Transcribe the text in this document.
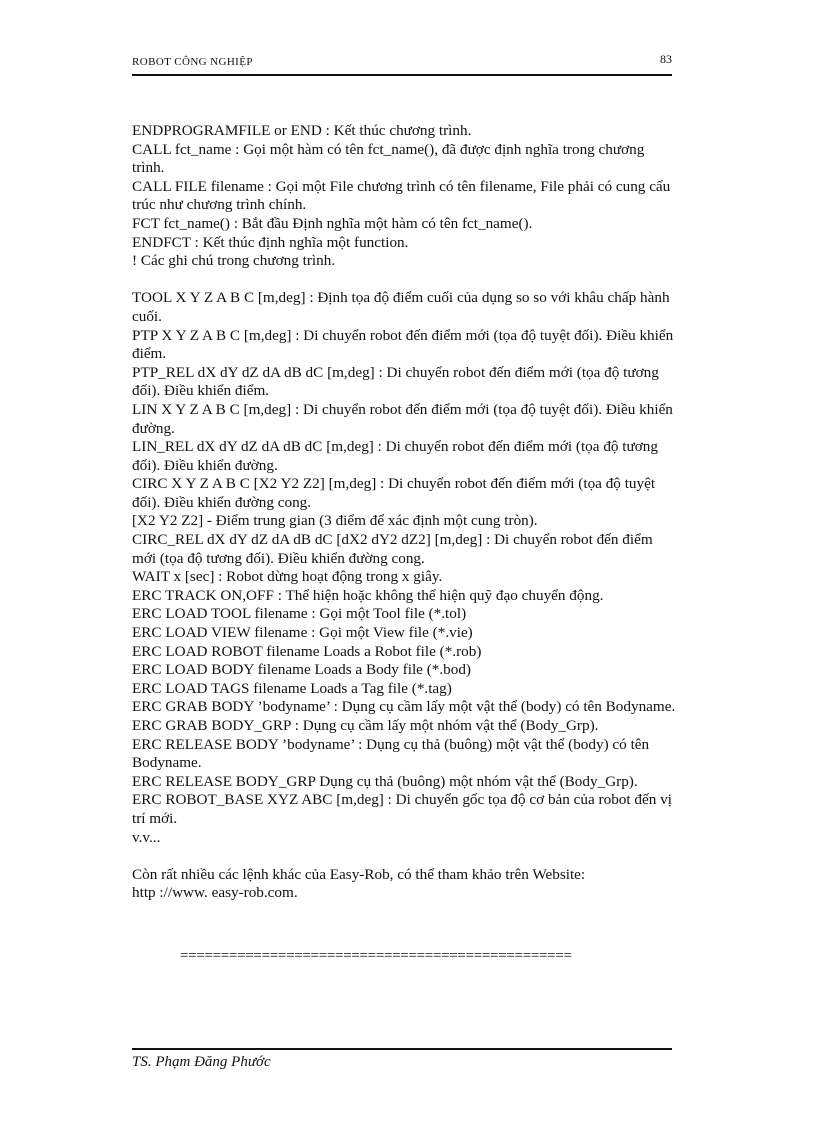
ROBOT CÔNG NGHIỆP	83
ENDPROGRAMFILE or END : Kết thúc chương trình.
CALL fct_name : Gọi một hàm có tên fct_name(), đã được định nghĩa trong chương trình.
CALL FILE filename : Gọi một File chương trình có tên filename, File phải có cung cấu trúc như chương trình chính.
FCT fct_name() : Bắt đầu Định nghĩa một hàm có tên fct_name().
ENDFCT : Kết thúc định nghĩa một function.
! Các ghi chú trong chương trình.
TOOL X Y Z A B C [m,deg] : Định tọa độ điểm cuối của dụng so so với khâu chấp hành cuối.
PTP X Y Z A B C [m,deg] : Di chuyển robot đến điểm mới (tọa độ tuyệt đối). Điều khiển điểm.
PTP_REL dX dY dZ dA dB dC [m,deg] : Di chuyển robot đến điểm mới (tọa độ tương đối). Điều khiển điểm.
LIN X Y Z A B C [m,deg] : Di chuyển robot đến điểm mới (tọa độ tuyệt đối). Điều khiển đường.
LIN_REL dX dY dZ dA dB dC [m,deg] : Di chuyển robot đến điểm mới (tọa độ tương đối). Điều khiển đường.
CIRC X Y Z A B C [X2 Y2 Z2] [m,deg] : Di chuyển robot đến điểm mới (tọa độ tuyệt đối). Điều khiển đường cong.
[X2 Y2 Z2] - Điểm trung gian (3 điểm để xác định một cung tròn).
CIRC_REL dX dY dZ dA dB dC [dX2 dY2 dZ2] [m,deg] : Di chuyển robot đến điểm mới (tọa độ tương đối). Điều khiển đường cong.
WAIT x [sec] : Robot dừng hoạt động trong x giây.
ERC TRACK ON,OFF : Thể hiện hoặc không thể hiện quỹ đạo chuyển động.
ERC LOAD TOOL filename : Gọi một Tool file (*.tol)
ERC LOAD VIEW filename : Gọi một View file (*.vie)
ERC LOAD ROBOT filename Loads a Robot file (*.rob)
ERC LOAD BODY filename Loads a Body file (*.bod)
ERC LOAD TAGS filename Loads a Tag file (*.tag)
ERC GRAB BODY ’bodyname’ : Dụng cụ cầm lấy một vật thể (body) có tên Bodyname.
ERC GRAB BODY_GRP : Dụng cụ cầm lấy một nhóm vật thể (Body_Grp).
ERC RELEASE BODY ’bodyname’ : Dụng cụ thả (buông) một vật thể (body) có tên Bodyname.
ERC RELEASE BODY_GRP Dụng cụ thả (buông) một nhóm vật thể (Body_Grp).
ERC ROBOT_BASE XYZ ABC [m,deg] : Di chuyển gốc tọa độ cơ bản của robot đến vị trí mới.
v.v...
Còn rất nhiều các lệnh khác của Easy-Rob, có thể tham khảo trên Website:
http ://www. easy-rob.com.
================================================
TS. Phạm Đăng Phước
